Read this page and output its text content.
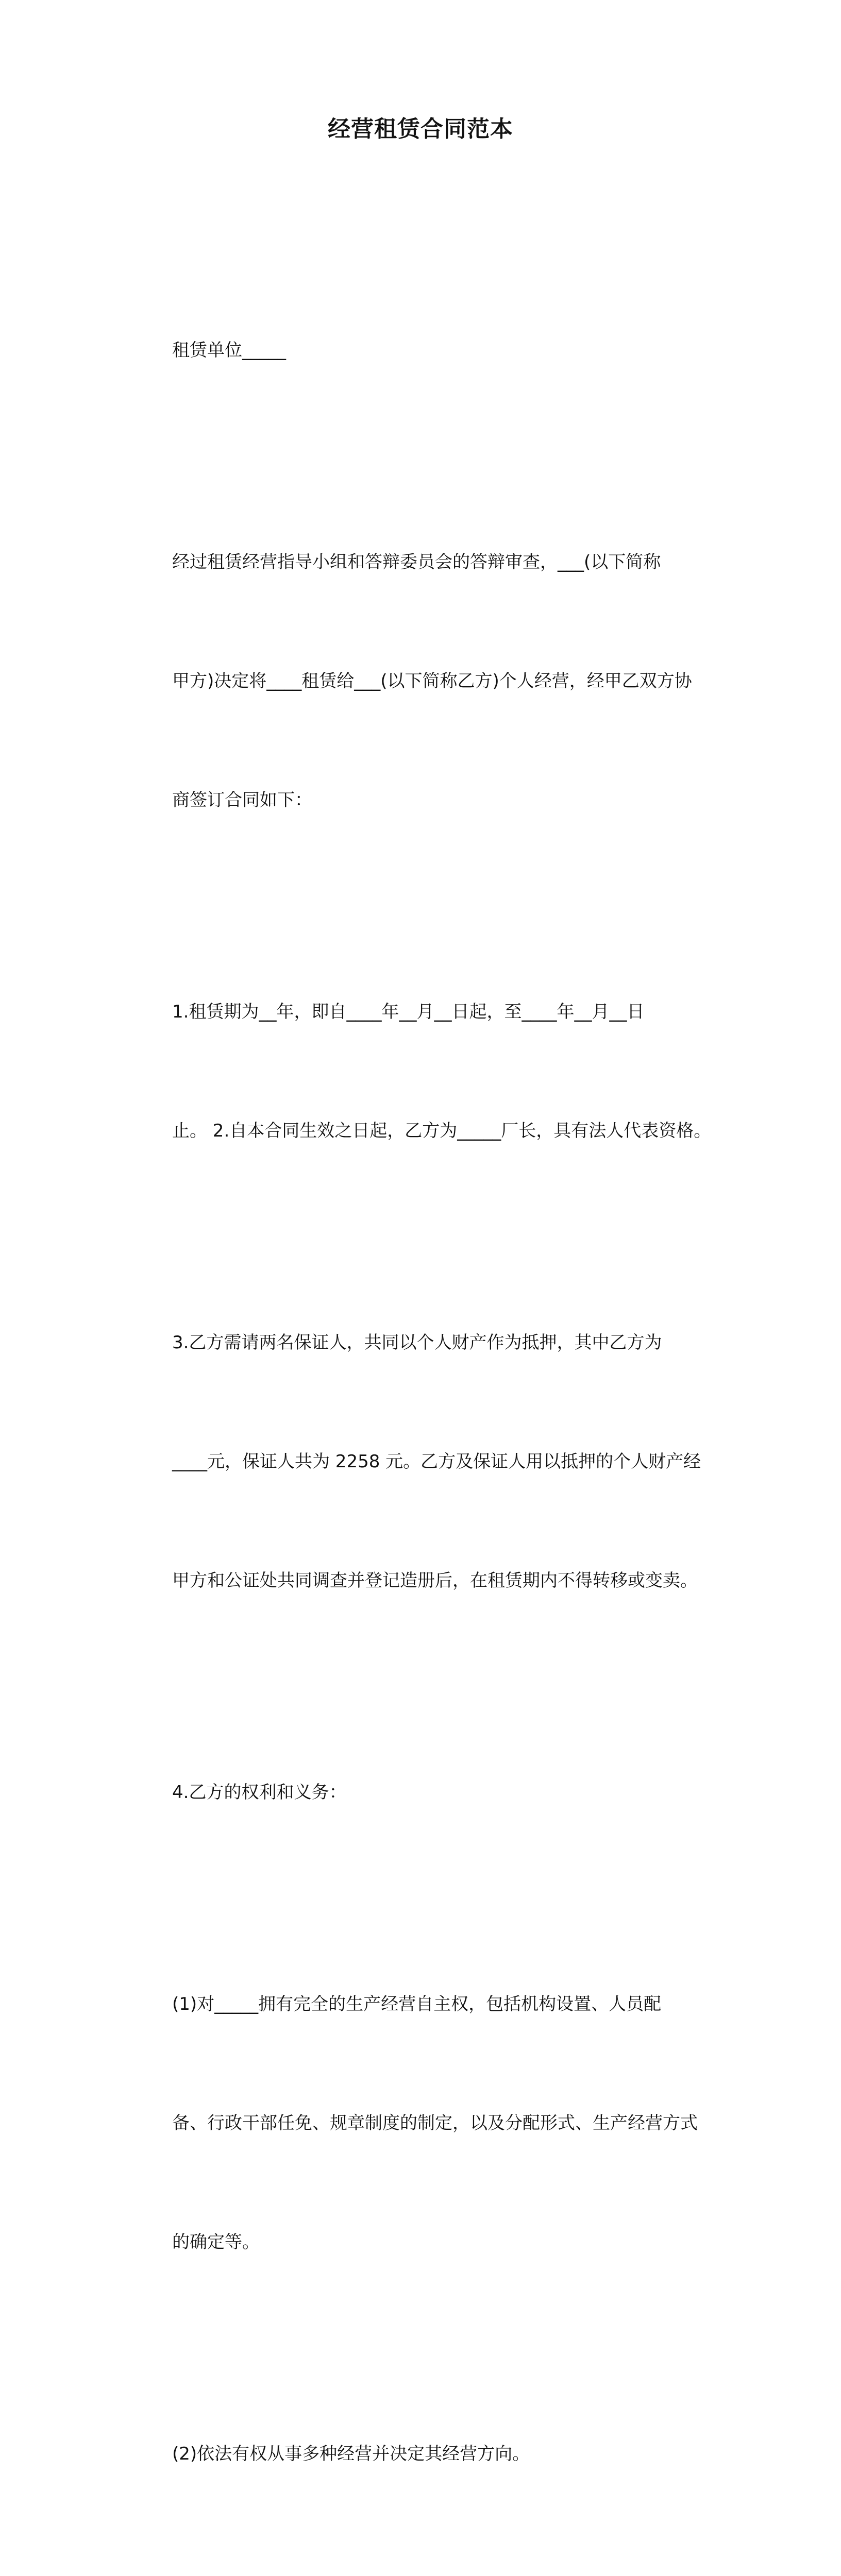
经营租赁合同范本

租赁单位_____

经过租赁经营指导小组和答辩委员会的答辩审查，___(以下简称

甲方)决定将____租赁给___(以下简称乙方)个人经营，经甲乙双方协

商签订合同如下：

1.租赁期为__年，即自____年__月__日起，至____年__月__日

止。 2.自本合同生效之日起，乙方为_____厂长，具有法人代表资格。

3.乙方需请两名保证人，共同以个人财产作为抵押，其中乙方为

____元，保证人共为 2258 元。乙方及保证人用以抵押的个人财产经

甲方和公证处共同调查并登记造册后，在租赁期内不得转移或变卖。

4.乙方的权利和义务：

(1)对_____拥有完全的生产经营自主权，包括机构设置、人员配

备、行政干部任免、规章制度的制定，以及分配形式、生产经营方式

的确定等。

(2)依法有权从事多种经营并决定其经营方向。
